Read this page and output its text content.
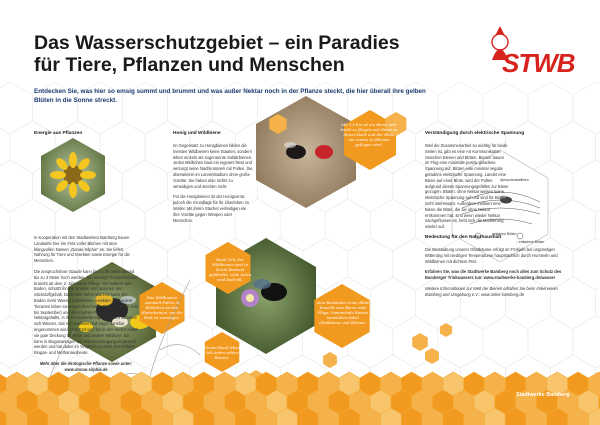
Das Wasserschutzgebiet – ein Paradies
für Tiere, Pflanzen und Menschen
Entdecken Sie, was hier so emsig summt und brummt und was außer Nektar noch in der Pflanze steckt, die hier überall ihre gelben Blüten in die Sonne streckt.
STWB
Energie aus Pflanzen

In Kooperation mit den Stadtwerken Bamberg bauen Landwirte hier ein Feld voller Blumen mit dem klangvollen Namen „Donau-Silphie“ an. Sie liefert Nahrung für Tiere und Insekten sowie Energie für die Menschen.

Die anspruchslose Staude kann bis zu 30 Jahre alt und bis zu 3 Meter hoch werden. Sie verträgt Trockenheit und braucht ab dem 2. Jahr kaum Pflege. Sie bedeckt den Boden, schützt ihn vor Erosion und reduziert den Stickstoffgehalt. Dank ihrer tiefen Wurzeln kann der Boden mehr Wasser aufnehmen. Insekten und andere Tierarten leben sie wegen ihrer lange Blühzeit (Ende Juni bis September) und ihres hohen Pollen- und Nektargehalts. In ihren becherförmigen Blättern sammelt sich Wasser, das von Insekten und Vögel dankbar angenommen wird. Vom Frühjahr bis in den Herbst bietet sie gute Deckung für Rehe und andere Wildtiere. Sie kann in Biogasanlagen zur Wärmeerzeugung eingesetzt werden und hat dabei im Vergleich zu Mais eine höhere Biogas- und Methanausbeute.

Mehr über die ökologische Pflanze sowie unter: www.donau-silphie.de

Honig und Wildbiene

Im Gegensatz zu Honigbienen bilden die meisten Wildbienen keine Staaten, sondern leben einzeln als sogenannte Solitärbienen. Jedes Weibchen baut ein eigenes Nest und versorgt seine Nachkommen mit Pollen. Sie überwintern im Larvenstadium ohne große Vorräte. Sie haben also nichts zu verteidigen und stechen nicht.

Für die Honigbienen ist der Honigvorrat jedoch die Grundlage für ihr Überleben im Winter. Mit ihrem Stachel verteidigen sie ihre Vorräte gegen Wespen oder Menschen.

Verständigung durch elektrische Spannung

Weil die Zusammenarbeit so wichtig für beide Seiten ist, gibt es eine Art Kommunikation zwischen Bienen und Blüten. Bienen bauen im Flug eine minimale positiv geladene Spannung auf, Blüten eine minimal negativ geladene elektrische Spannung. Landet eine Biene auf einer Blüte, wird der Pollen aufgrund dieses Spannungsgefälles zur Biene gezogen. Blüten: ohne Nektar weisen keine elektrische Spannung auf und sind für Bienen nicht interessant. Außerdem markiert eine Biene die Blüte, die sie ohne Nektar entkommen hat. Erst wenn wieder Nektar nachgeflossen ist, hebt sich die Markierung wieder auf.

Bedeutung für den Naturhaushalt

Die Bestäubung unserer Obstbäume erfolgt im Frühjahr bei ungünstiger Witterung mit niedrigen Temperaturen hauptsächlich durch Hummeln und Wildbienen mit dichtem Pelz.

Erfahren Sie, was die Stadtwerke Bamberg noch alles zum Schutz des Bamberger Trinkwassers tun: www.stadtwerke-bamberg.de/wasser

Weitere Informationen zur Welt der Bienen erhalten Sie beim Imkerverein Bamberg und Umgebung e.V.: www.imker-bamberg.de

Aperpotenziallinien
geladene Blüten
– entladene Blüten
Mit 1,5 km ist ein Biene sehr leicht zu fliegen und Biene zu ihrem Stock und der Blüte nur einem zu Blumen geflogen wird.
Rund 30% der Wildbienen sind in ihrem Bestand gefährdet, viele Arten sind bedroht.
Das Wildbienen sammelt Pollen in Körbchen an den Hinterbeinen, um die Brut zu versorgen.
Deutschland leben 560 Arten wilder Bienen.
Zum Bestäuben einer Blüte braucht eine Biene viele Flüge. Sammelnde Bienen bestäuben dabei Obstbäume und Blumen.
Stadtwerke Bamberg
